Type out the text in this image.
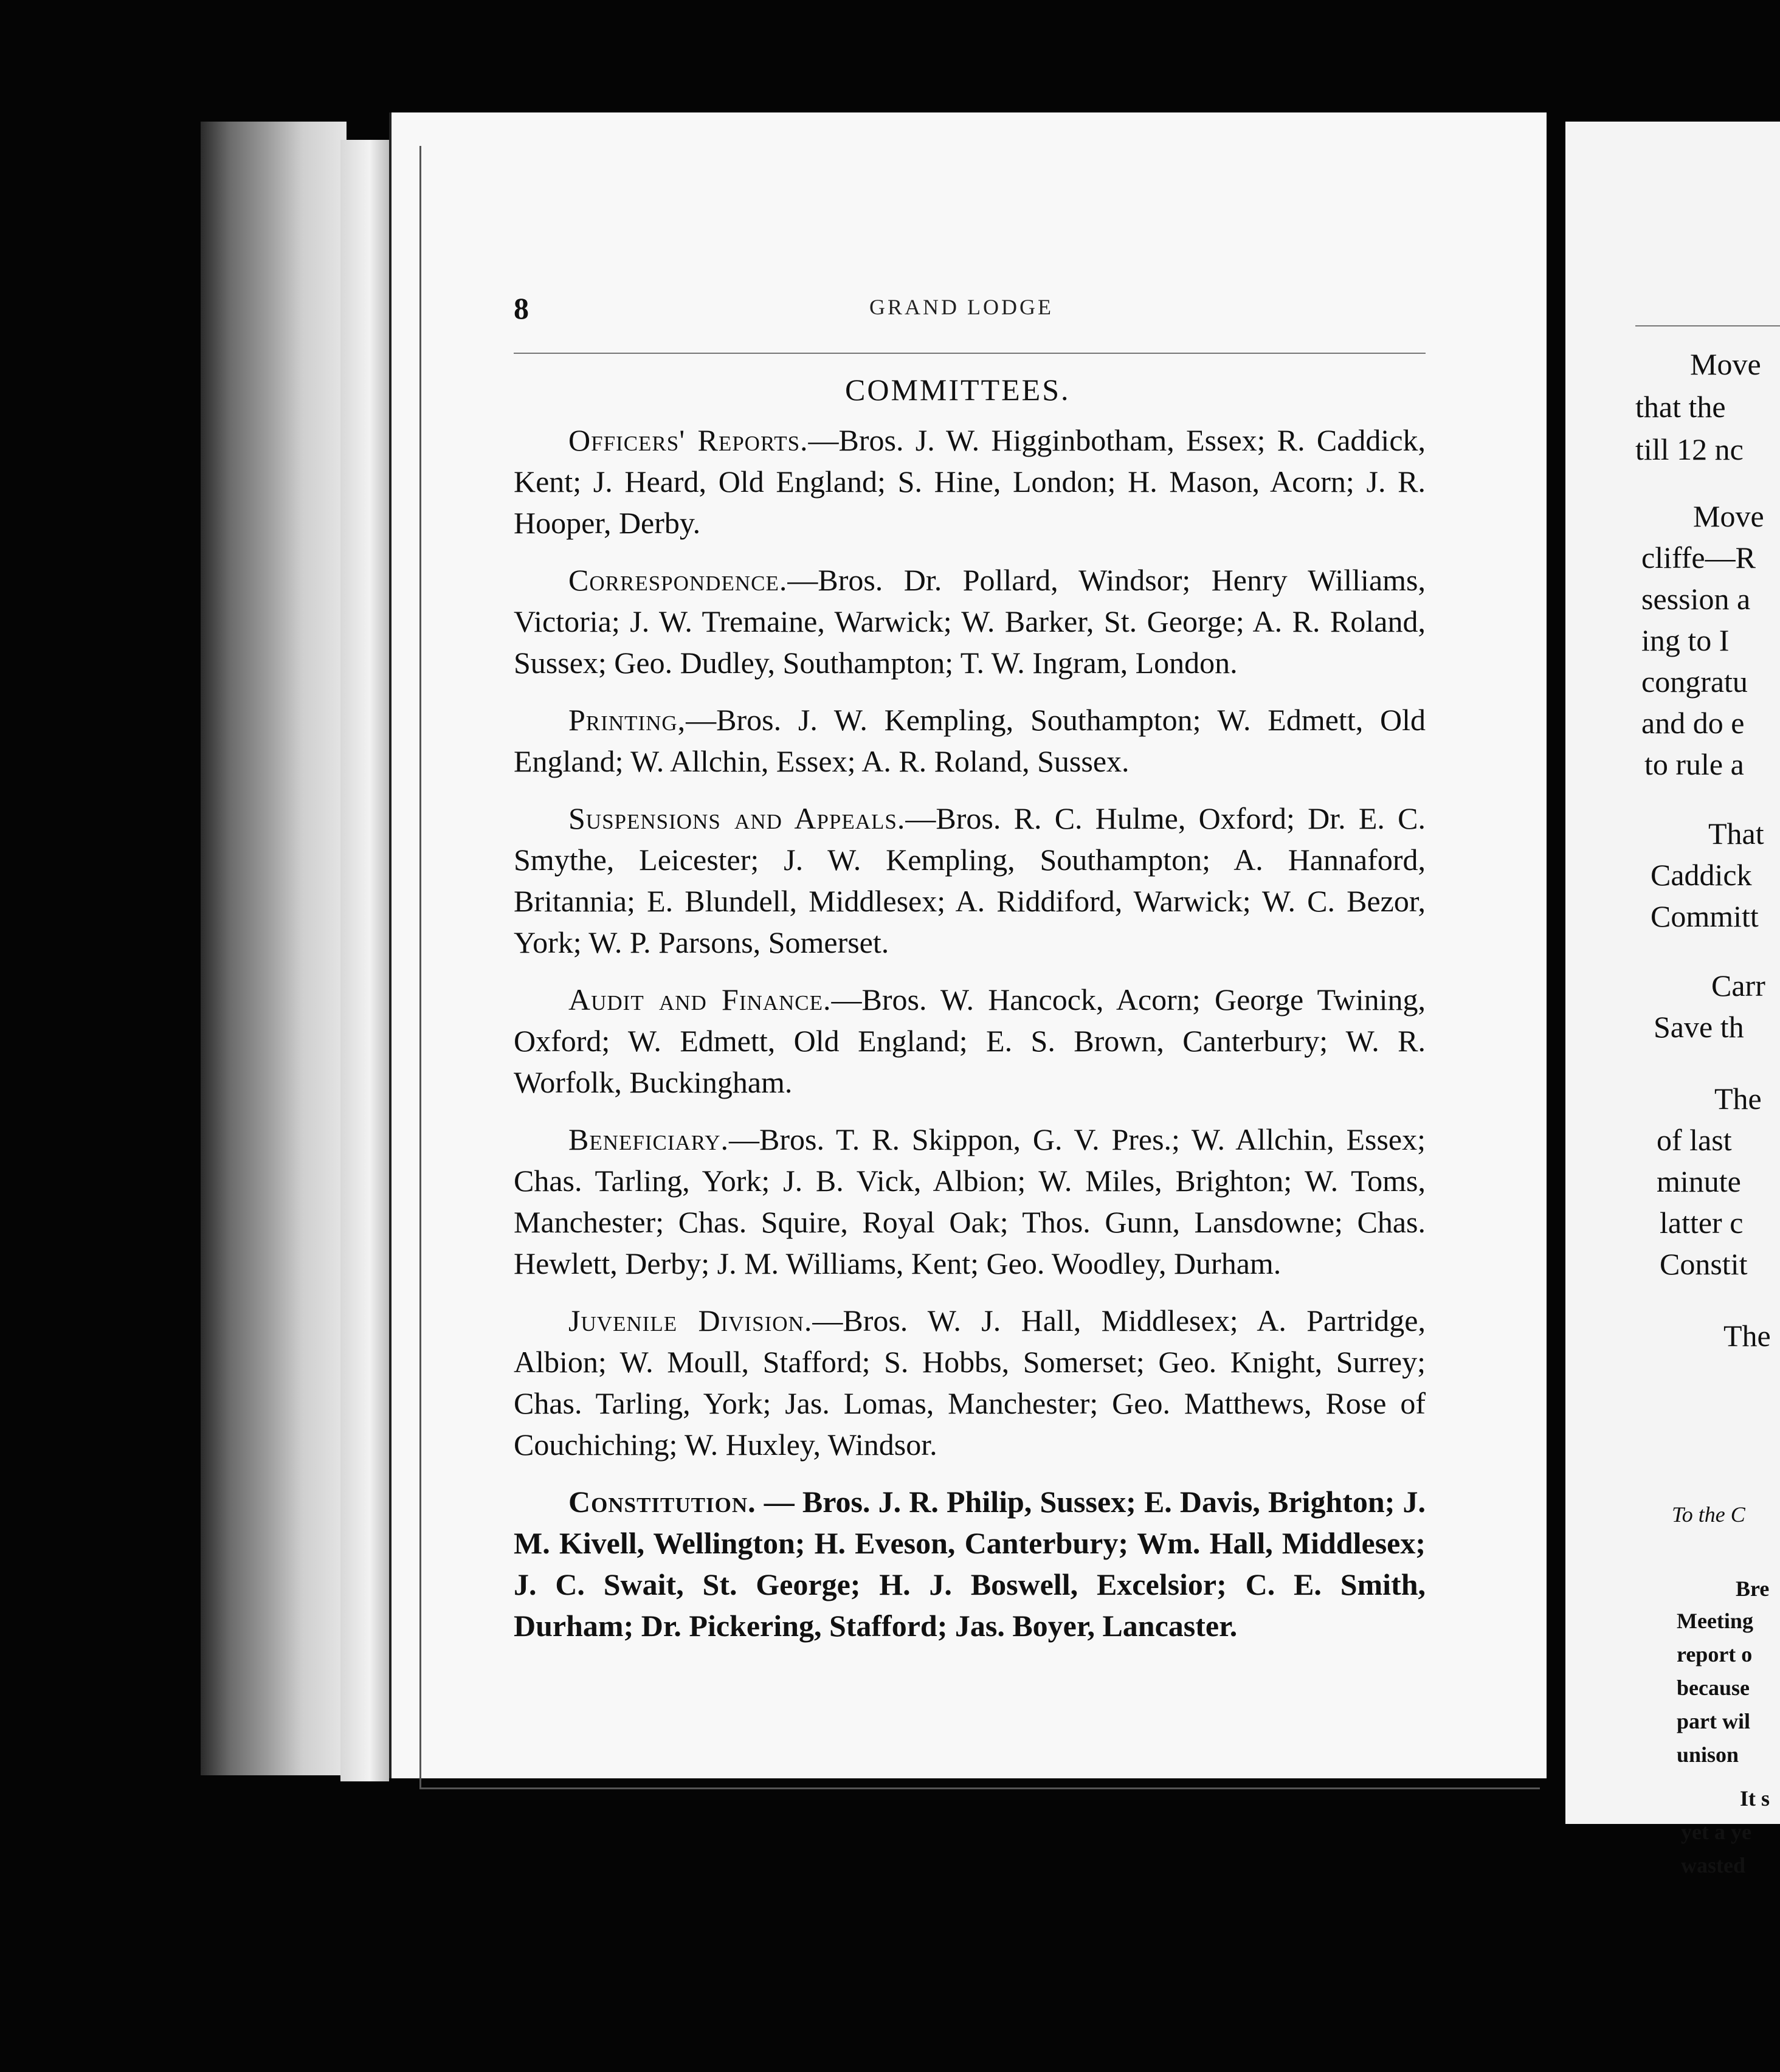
8	GRAND LODGE
COMMITTEES.

Officers' Reports.—Bros. J. W. Higginbotham, Essex; R. Caddick, Kent; J. Heard, Old England; S. Hine, London; H. Mason, Acorn; J. R. Hooper, Derby.

Correspondence.—Bros. Dr. Pollard, Windsor; Henry Williams, Victoria; J. W. Tremaine, Warwick; W. Barker, St. George; A. R. Roland, Sussex; Geo. Dudley, Southampton; T. W. Ingram, London.

Printing,—Bros. J. W. Kempling, Southampton; W. Edmett, Old England; W. Allchin, Essex; A. R. Roland, Sussex.

Suspensions and Appeals.—Bros. R. C. Hulme, Oxford; Dr. E. C. Smythe, Leicester; J. W. Kempling, Southampton; A. Hannaford, Britannia; E. Blundell, Middlesex; A. Riddiford, Warwick; W. C. Bezor, York; W. P. Parsons, Somerset.

Audit and Finance.—Bros. W. Hancock, Acorn; George Twining, Oxford; W. Edmett, Old England; E. S. Brown, Canterbury; W. R. Worfolk, Buckingham.

Beneficiary.—Bros. T. R. Skippon, G. V. Pres.; W. Allchin, Essex; Chas. Tarling, York; J. B. Vick, Albion; W. Miles, Brighton; W. Toms, Manchester; Chas. Squire, Royal Oak; Thos. Gunn, Lansdowne; Chas. Hewlett, Derby; J. M. Williams, Kent; Geo. Woodley, Durham.

Juvenile Division.—Bros. W. J. Hall, Middlesex; A. Partridge, Albion; W. Moull, Stafford; S. Hobbs, Somerset; Geo. Knight, Surrey; Chas. Tarling, York; Jas. Lomas, Manchester; Geo. Matthews, Rose of Couchiching; W. Huxley, Windsor.

Constitution. — Bros. J. R. Philip, Sussex; E. Davis, Brighton; J. M. Kivell, Wellington; H. Eveson, Canterbury; Wm. Hall, Middlesex; J. C. Swait, St. George; H. J. Boswell, Excelsior; C. E. Smith, Durham; Dr. Pickering, Stafford; Jas. Boyer, Lancaster.

Move
that the
till 12 nc
Move
cliffe—R
session a
ing to I
congratu
and do e
to rule a
That
Caddick
Committ
Carr
Save th
The
of last
minute
latter c
Constit
The
To the C
Bre
Meeting
report o
because
part wil
unison
It s
yet a ye
wasted
